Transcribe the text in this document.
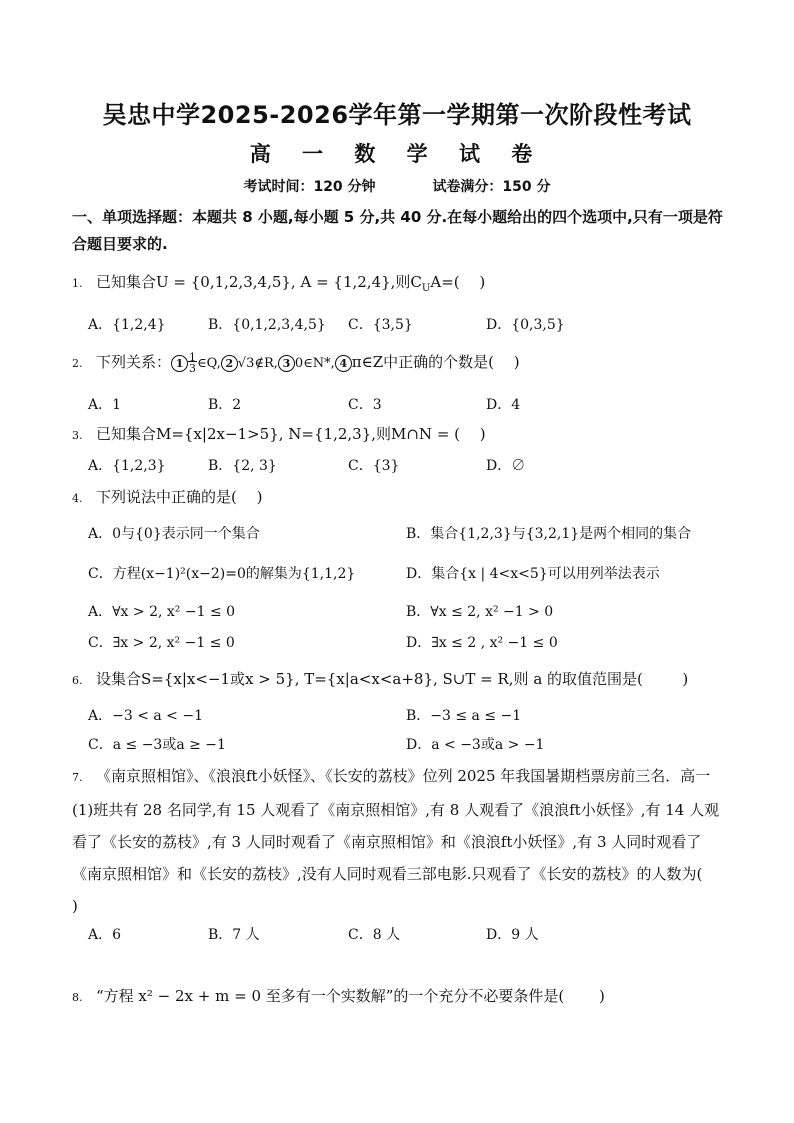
吴忠中学2025-2026学年第一学期第一次阶段性考试
高 一 数 学 试 卷
考试时间：120 分钟	试卷满分：150 分
一、单项选择题：本题共 8 小题,每小题 5 分,共 40 分.在每小题给出的四个选项中,只有一项是符合题目要求的.
1. 已知集合U = {0,1,2,3,4,5}, A = {1,2,4},则$C_UA=$(　 )
A．{1,2,4}	B．{0,1,2,3,4,5} C．{3,5}	D．{0,3,5}
2. 下列关系： $1 \frac{1}{3}\in Q$, 2 √3∉R, 3 0∈N*, 4 π∈Z中正确的个数是(　 )
A．1	B．2	C．3	D．4
3. 已知集合M={x|2x−1>5}, N={1,2,3},则M∩N = (　 )
A．{1,2,3}	B．{2, 3}	C．{3}	D．∅
4. 下列说法中正确的是(　 )
A．0与{0}表示同一个集合	B．集合{1,2,3}与{3,2,1}是两个相同的集合
C．方程(x−1)²(x−2)=0的解集为{1,1,2}	D．集合{x | 4<x<5}可以用列举法表示
A．∀x > 2, x² −1 ≤ 0	B．∀x ≤ 2, x² −1 > 0
C．∃x > 2, x² −1 ≤ 0	D．∃x ≤ 2 , x² −1 ≤ 0
6. 设集合S={x|x<−1或x > 5}, T={x|a<x<a+8}, S∪T = R,则 a 的取值范围是(　 　 )
A．−3 < a < −1	B．−3 ≤ a ≤ −1
C．a ≤ −3或a ≥ −1	D．a < −3或a > −1
7. 《南京照相馆》、《浪浪ft小妖怪》、《长安的荔枝》位列 2025 年我国暑期档票房前三名．高一(1)班共有 28 名同学,有 15 人观看了《南京照相馆》,有 8 人观看了《浪浪ft小妖怪》,有 14 人观看了《长安的荔枝》,有 3 人同时观看了《南京照相馆》和《浪浪ft小妖怪》,有 3 人同时观看了《南京照相馆》和《长安的荔枝》,没有人同时观看三部电影.只观看了《长安的荔枝》的人数为(　　 )
A．6	B．7 人	C．8 人	D．9 人
8. “方程 x² − 2x + m = 0 至多有一个实数解”的一个充分不必要条件是(　　 )
